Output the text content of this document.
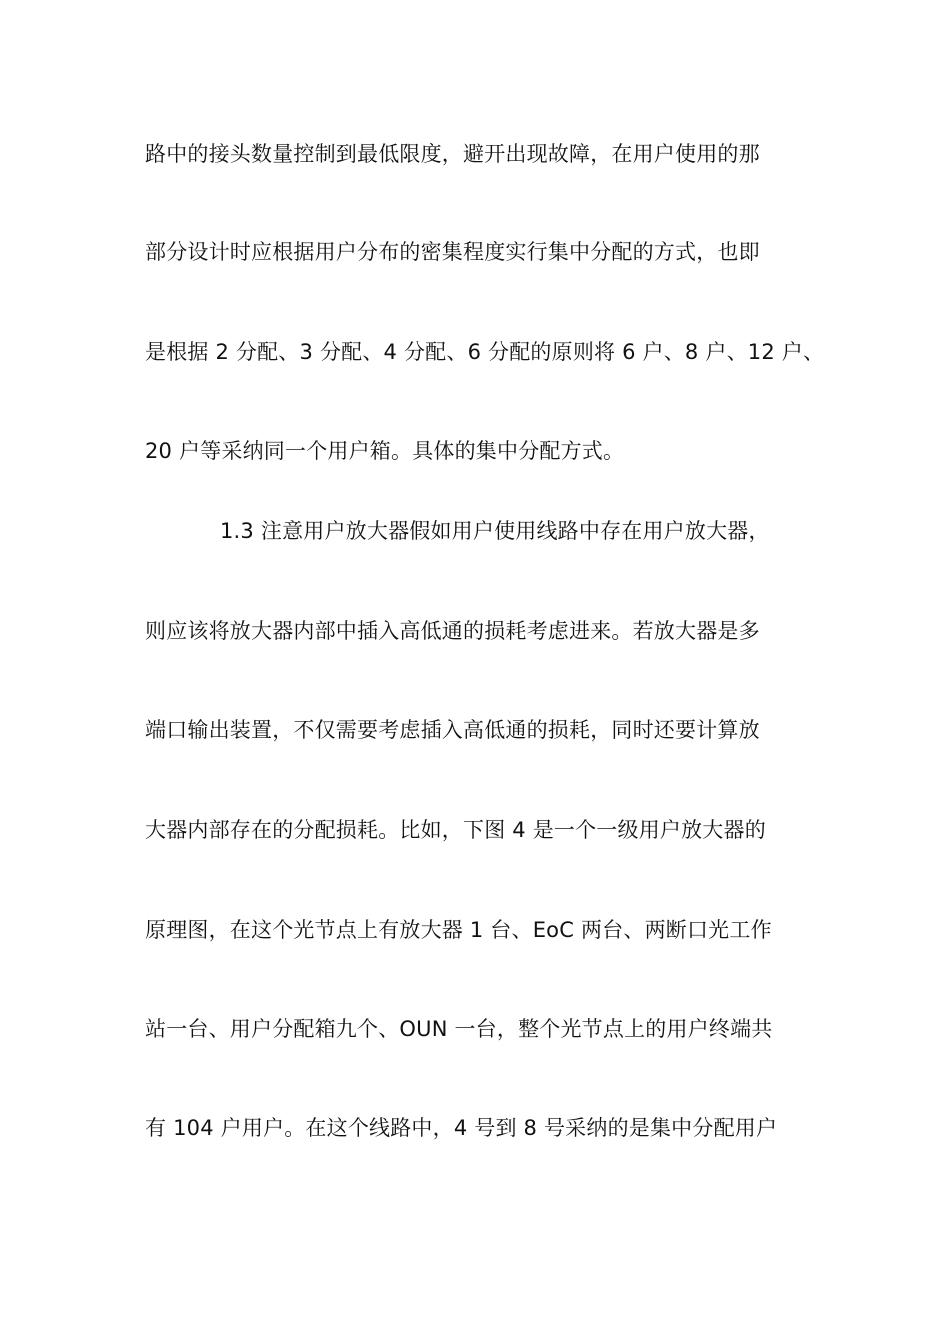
路中的接头数量控制到最低限度，避开出现故障，在用户使用的那
部分设计时应根据用户分布的密集程度实行集中分配的方式，也即
是根据 2 分配、3 分配、4 分配、6 分配的原则将 6 户、8 户、12 户、
20 户等采纳同一个用户箱。具体的集中分配方式。
1.3 注意用户放大器假如用户使用线路中存在用户放大器，
则应该将放大器内部中插入高低通的损耗考虑进来。若放大器是多
端口输出装置，不仅需要考虑插入高低通的损耗，同时还要计算放
大器内部存在的分配损耗。比如，下图 4 是一个一级用户放大器的
原理图，在这个光节点上有放大器 1 台、EoC 两台、两断口光工作
站一台、用户分配箱九个、OUN 一台，整个光节点上的用户终端共
有 104 户用户。在这个线路中，4 号到 8 号采纳的是集中分配用户
